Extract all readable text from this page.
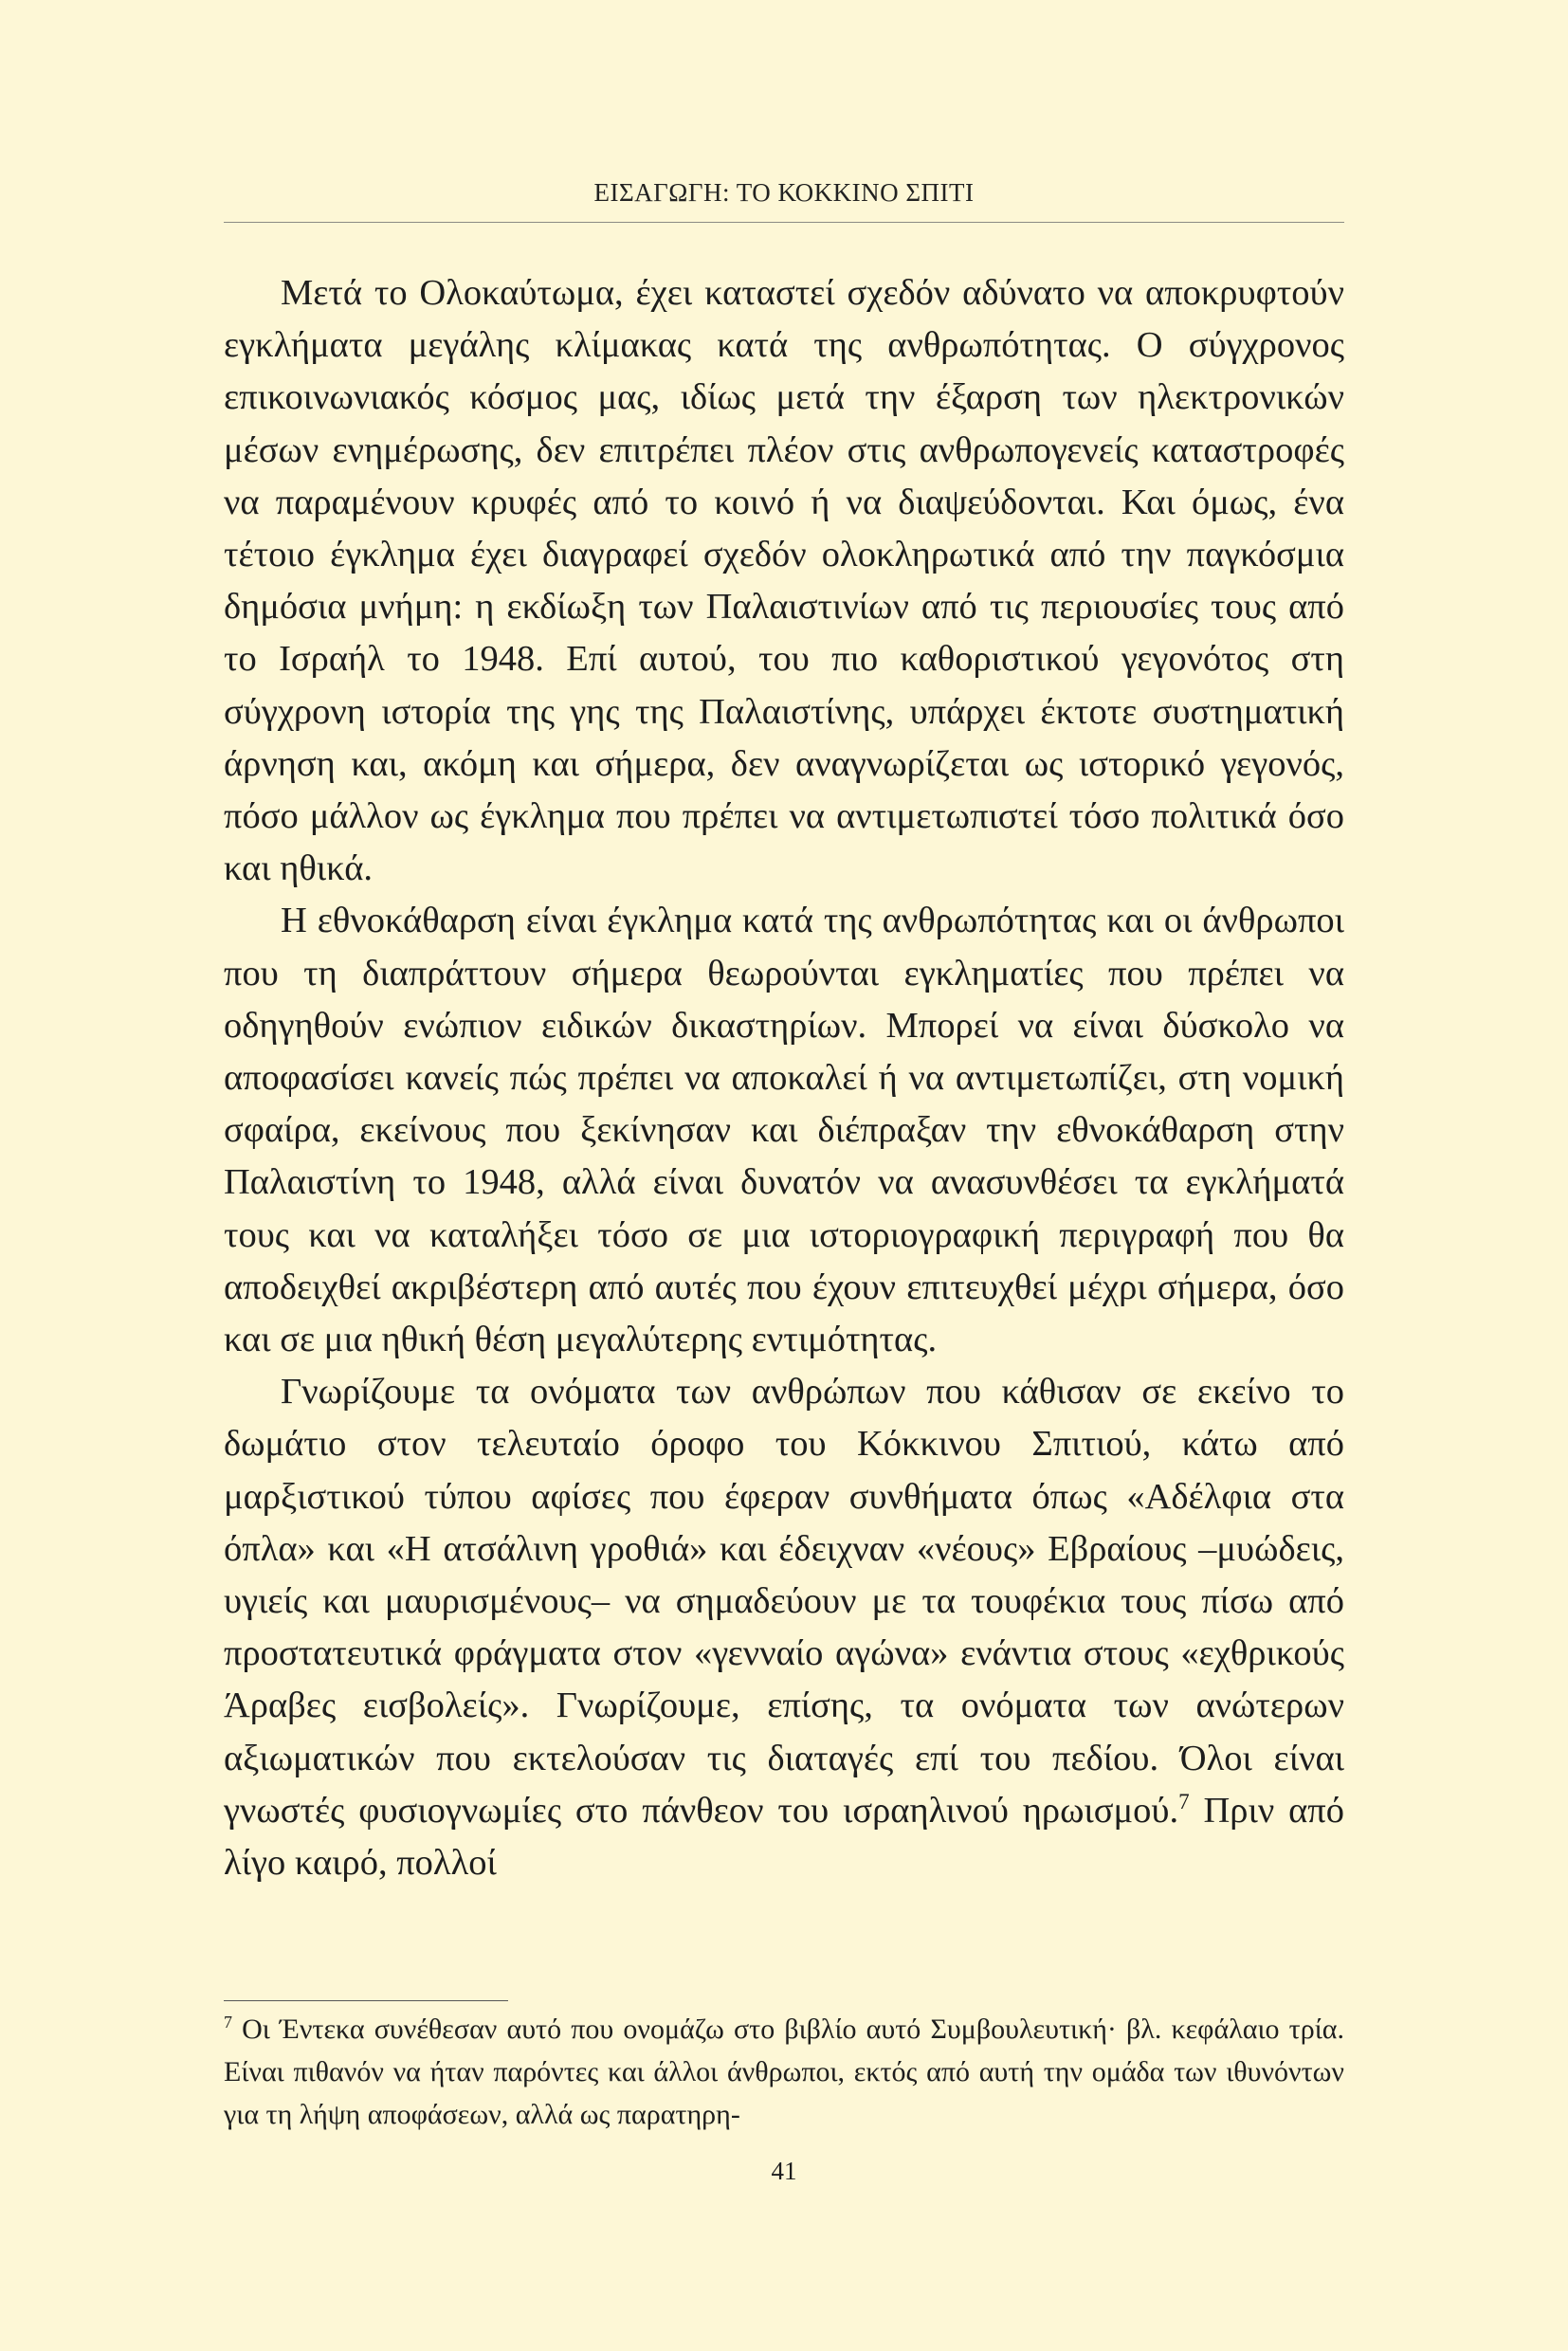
ΕΙΣΑΓΩΓΗ: ΤΟ ΚΟΚΚΙΝΟ ΣΠΙΤΙ

Μετά το Ολοκαύτωμα, έχει καταστεί σχεδόν αδύνατο να αποκρυφτούν εγκλήματα μεγάλης κλίμακας κατά της ανθρωπότητας. Ο σύγχρονος επικοινωνιακός κόσμος μας, ιδίως μετά την έξαρση των ηλεκτρονικών μέσων ενημέρωσης, δεν επιτρέπει πλέον στις ανθρωπογενείς καταστροφές να παραμένουν κρυφές από το κοινό ή να διαψεύδονται. Και όμως, ένα τέτοιο έγκλημα έχει διαγραφεί σχεδόν ολοκληρωτικά από την παγκόσμια δημόσια μνήμη: η εκδίωξη των Παλαιστινίων από τις περιουσίες τους από το Ισραήλ το 1948. Επί αυτού, του πιο καθοριστικού γεγονότος στη σύγχρονη ιστορία της γης της Παλαιστίνης, υπάρχει έκτοτε συστηματική άρνηση και, ακόμη και σήμερα, δεν αναγνωρίζεται ως ιστορικό γεγονός, πόσο μάλλον ως έγκλημα που πρέπει να αντιμετωπιστεί τόσο πολιτικά όσο και ηθικά.

Η εθνοκάθαρση είναι έγκλημα κατά της ανθρωπότητας και οι άνθρωποι που τη διαπράττουν σήμερα θεωρούνται εγκληματίες που πρέπει να οδηγηθούν ενώπιον ειδικών δικαστηρίων. Μπορεί να είναι δύσκολο να αποφασίσει κανείς πώς πρέπει να αποκαλεί ή να αντιμετωπίζει, στη νομική σφαίρα, εκείνους που ξεκίνησαν και διέπραξαν την εθνοκάθαρση στην Παλαιστίνη το 1948, αλλά είναι δυνατόν να ανασυνθέσει τα εγκλήματά τους και να καταλήξει τόσο σε μια ιστοριογραφική περιγραφή που θα αποδειχθεί ακριβέστερη από αυτές που έχουν επιτευχθεί μέχρι σήμερα, όσο και σε μια ηθική θέση μεγαλύτερης εντιμότητας.

Γνωρίζουμε τα ονόματα των ανθρώπων που κάθισαν σε εκείνο το δωμάτιο στον τελευταίο όροφο του Κόκκινου Σπιτιού, κάτω από μαρξιστικού τύπου αφίσες που έφεραν συνθήματα όπως «Αδέλφια στα όπλα» και «Η ατσάλινη γροθιά» και έδειχναν «νέους» Εβραίους –μυώδεις, υγιείς και μαυρισμένους– να σημαδεύουν με τα τουφέκια τους πίσω από προστατευτικά φράγματα στον «γενναίο αγώνα» ενάντια στους «εχθρικούς Άραβες εισβολείς». Γνωρίζουμε, επίσης, τα ονόματα των ανώτερων αξιωματικών που εκτελούσαν τις διαταγές επί του πεδίου. Όλοι είναι γνωστές φυσιογνωμίες στο πάνθεον του ισραηλινού ηρωισμού.$^7$ Πριν από λίγο καιρό, πολλοί

$^7$ Οι Έντεκα συνέθεσαν αυτό που ονομάζω στο βιβλίο αυτό Συμβουλευτική· βλ. κεφάλαιο τρία. Είναι πιθανόν να ήταν παρόντες και άλλοι άνθρωποι, εκτός από αυτή την ομάδα των ιθυνόντων για τη λήψη αποφάσεων, αλλά ως παρατηρη-

41
